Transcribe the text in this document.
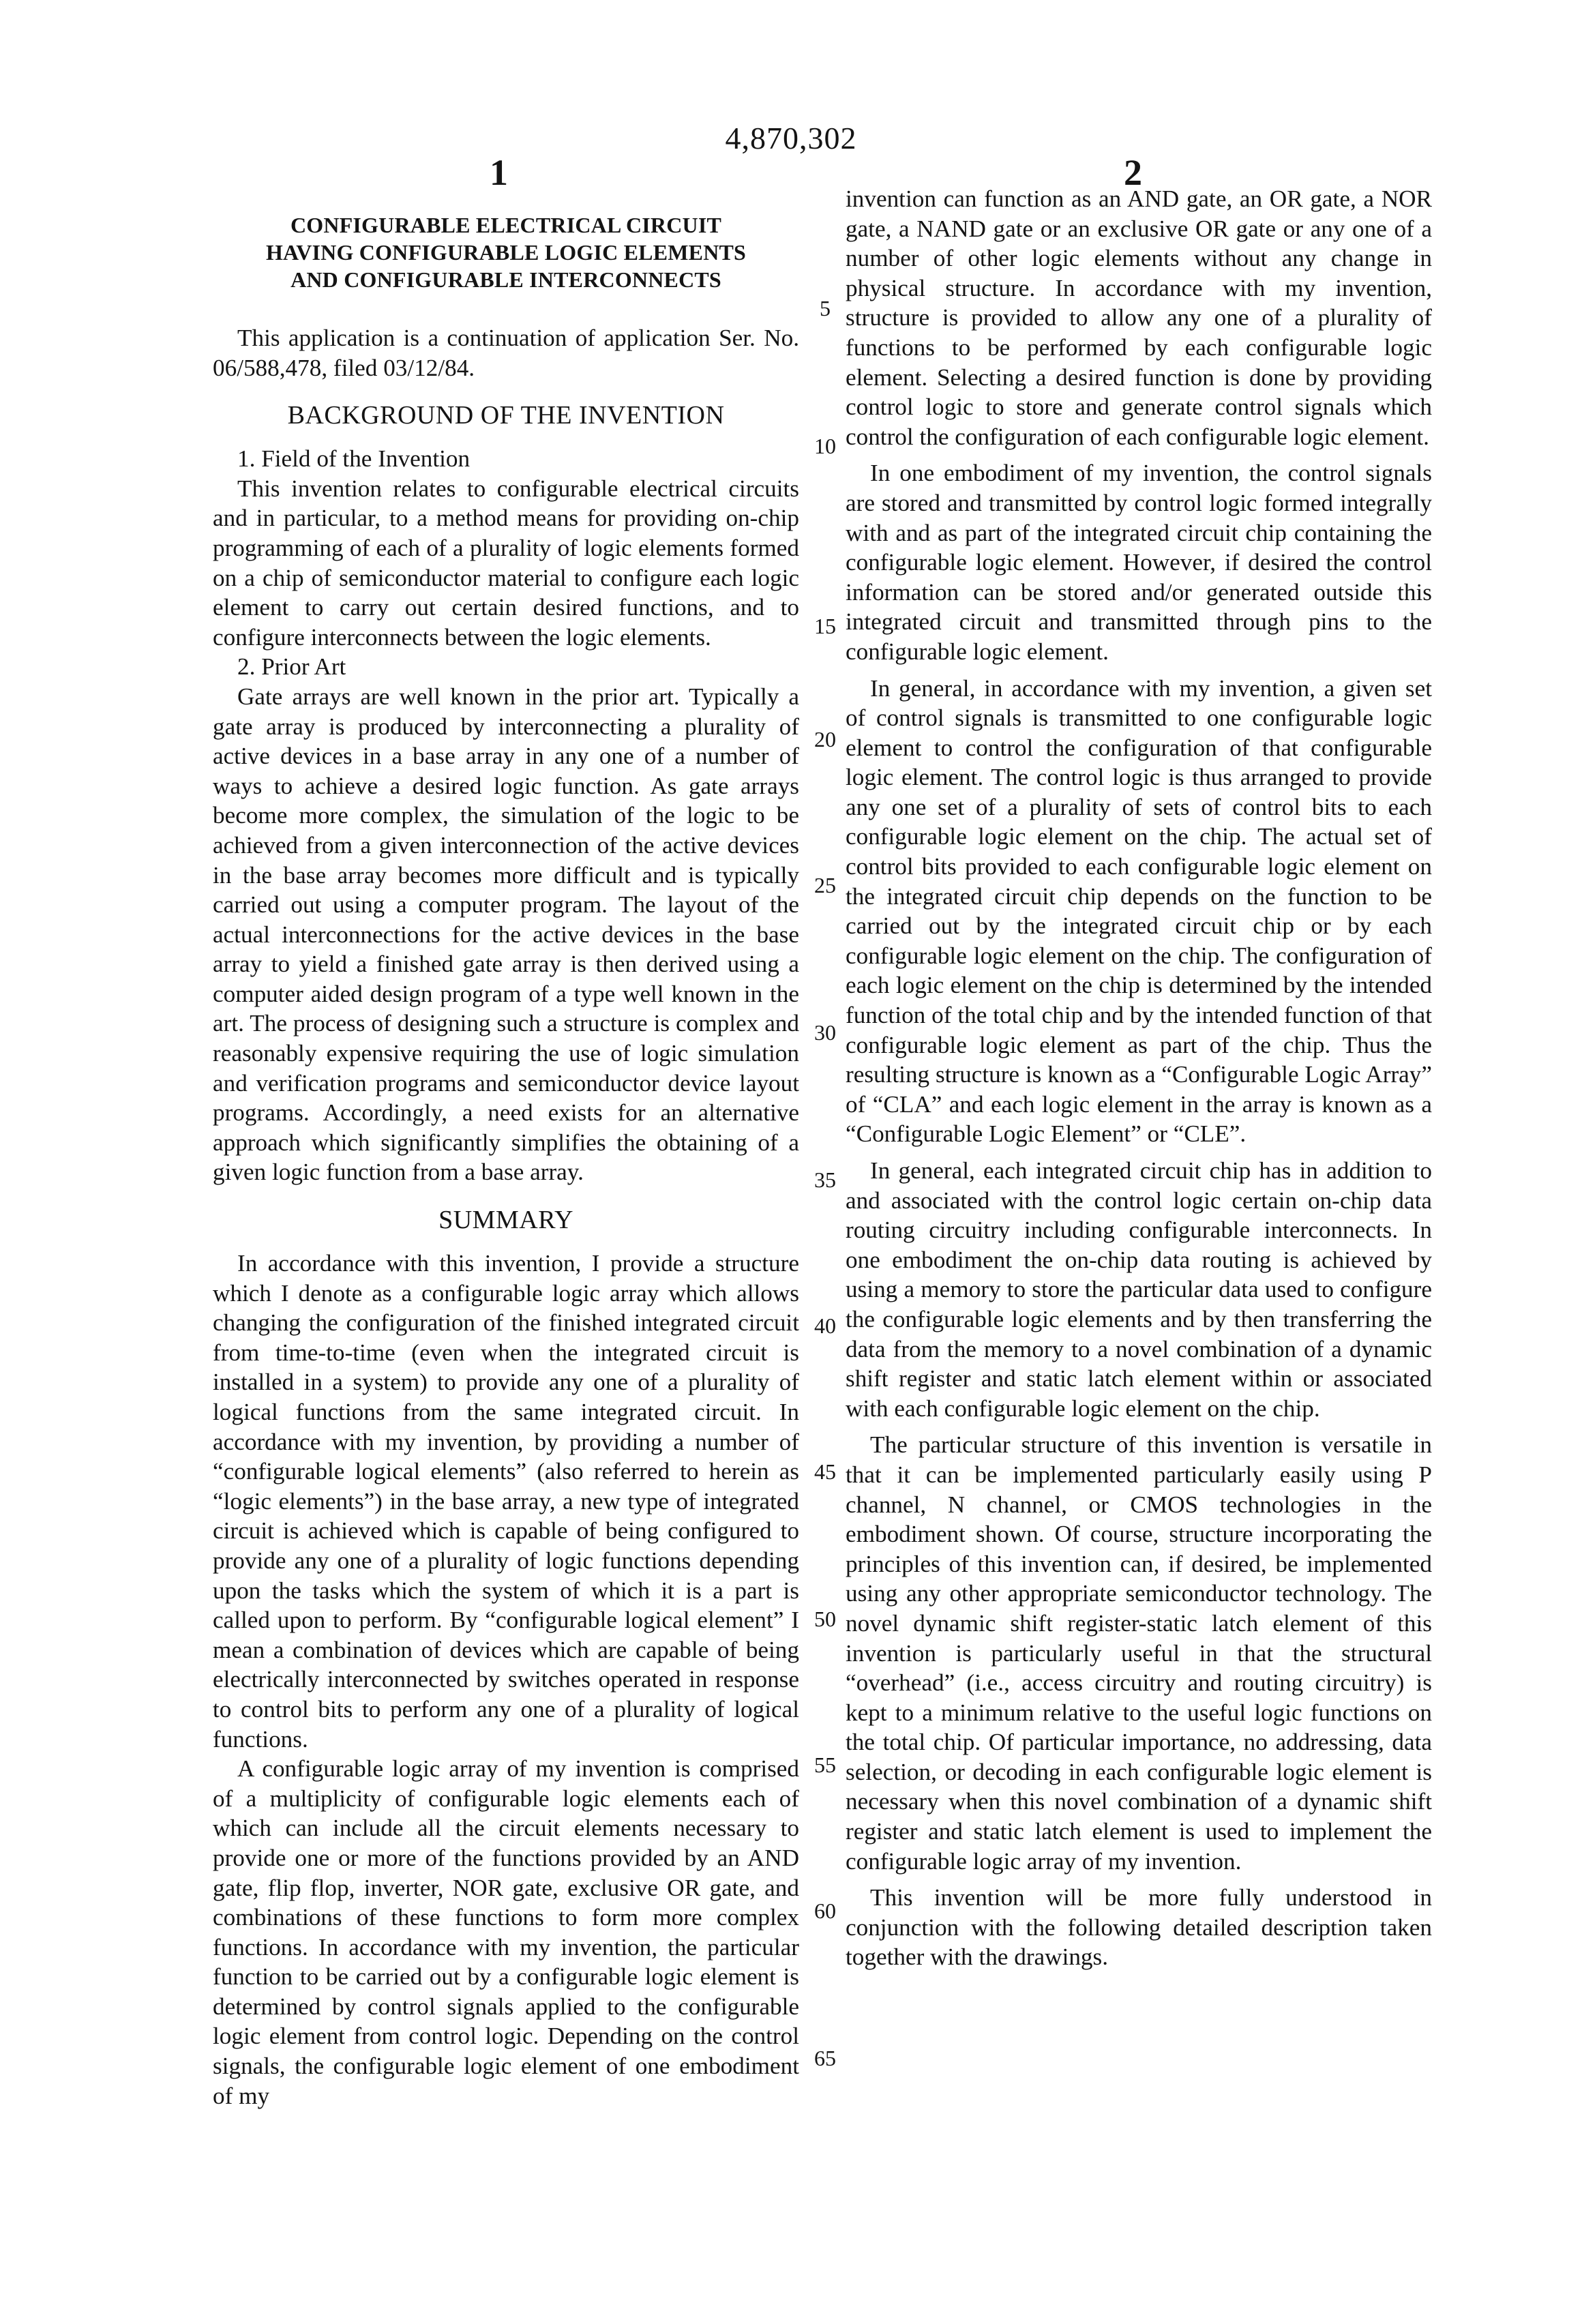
4,870,302
1	2
CONFIGURABLE ELECTRICAL CIRCUIT
HAVING CONFIGURABLE LOGIC ELEMENTS
AND CONFIGURABLE INTERCONNECTS

This application is a continuation of application Ser. No. 06/588,478, filed 03/12/84.

BACKGROUND OF THE INVENTION

1. Field of the Invention

This invention relates to configurable electrical circuits and in particular, to a method means for providing on-chip programming of each of a plurality of logic elements formed on a chip of semiconductor material to configure each logic element to carry out certain desired functions, and to configure interconnects between the logic elements.

2. Prior Art

Gate arrays are well known in the prior art. Typically a gate array is produced by interconnecting a plurality of active devices in a base array in any one of a number of ways to achieve a desired logic function. As gate arrays become more complex, the simulation of the logic to be achieved from a given interconnection of the active devices in the base array becomes more difficult and is typically carried out using a computer program. The layout of the actual interconnections for the active devices in the base array to yield a finished gate array is then derived using a computer aided design program of a type well known in the art. The process of designing such a structure is complex and reasonably expensive requiring the use of logic simulation and verification programs and semiconductor device layout programs. Accordingly, a need exists for an alternative approach which significantly simplifies the obtaining of a given logic function from a base array.

SUMMARY

In accordance with this invention, I provide a structure which I denote as a configurable logic array which allows changing the configuration of the finished integrated circuit from time-to-time (even when the integrated circuit is installed in a system) to provide any one of a plurality of logical functions from the same integrated circuit. In accordance with my invention, by providing a number of “configurable logical elements” (also referred to herein as “logic elements”) in the base array, a new type of integrated circuit is achieved which is capable of being configured to provide any one of a plurality of logic functions depending upon the tasks which the system of which it is a part is called upon to perform. By “configurable logical element” I mean a combination of devices which are capable of being electrically interconnected by switches operated in response to control bits to perform any one of a plurality of logical functions.

A configurable logic array of my invention is comprised of a multiplicity of configurable logic elements each of which can include all the circuit elements necessary to provide one or more of the functions provided by an AND gate, flip flop, inverter, NOR gate, exclusive OR gate, and combinations of these functions to form more complex functions. In accordance with my invention, the particular function to be carried out by a configurable logic element is determined by control signals applied to the configurable logic element from control logic. Depending on the control signals, the configurable logic element of one embodiment of my

invention can function as an AND gate, an OR gate, a NOR gate, a NAND gate or an exclusive OR gate or any one of a number of other logic elements without any change in physical structure. In accordance with my invention, structure is provided to allow any one of a plurality of functions to be performed by each configurable logic element. Selecting a desired function is done by providing control logic to store and generate control signals which control the configuration of each configurable logic element.

In one embodiment of my invention, the control signals are stored and transmitted by control logic formed integrally with and as part of the integrated circuit chip containing the configurable logic element. However, if desired the control information can be stored and/or generated outside this integrated circuit and transmitted through pins to the configurable logic element.

In general, in accordance with my invention, a given set of control signals is transmitted to one configurable logic element to control the configuration of that configurable logic element. The control logic is thus arranged to provide any one set of a plurality of sets of control bits to each configurable logic element on the chip. The actual set of control bits provided to each configurable logic element on the integrated circuit chip depends on the function to be carried out by the integrated circuit chip or by each configurable logic element on the chip. The configuration of each logic element on the chip is determined by the intended function of the total chip and by the intended function of that configurable logic element as part of the chip. Thus the resulting structure is known as a “Configurable Logic Array” of “CLA” and each logic element in the array is known as a “Configurable Logic Element” or “CLE”.

In general, each integrated circuit chip has in addition to and associated with the control logic certain on-chip data routing circuitry including configurable interconnects. In one embodiment the on-chip data routing is achieved by using a memory to store the particular data used to configure the configurable logic elements and by then transferring the data from the memory to a novel combination of a dynamic shift register and static latch element within or associated with each configurable logic element on the chip.

The particular structure of this invention is versatile in that it can be implemented particularly easily using P channel, N channel, or CMOS technologies in the embodiment shown. Of course, structure incorporating the principles of this invention can, if desired, be implemented using any other appropriate semiconductor technology. The novel dynamic shift register-static latch element of this invention is particularly useful in that the structural “overhead” (i.e., access circuitry and routing circuitry) is kept to a minimum relative to the useful logic functions on the total chip. Of particular importance, no addressing, data selection, or decoding in each configurable logic element is necessary when this novel combination of a dynamic shift register and static latch element is used to implement the configurable logic array of my invention.

This invention will be more fully understood in conjunction with the following detailed description taken together with the drawings.

5
10
15
20
25
30
35
40
45
50
55
60
65
